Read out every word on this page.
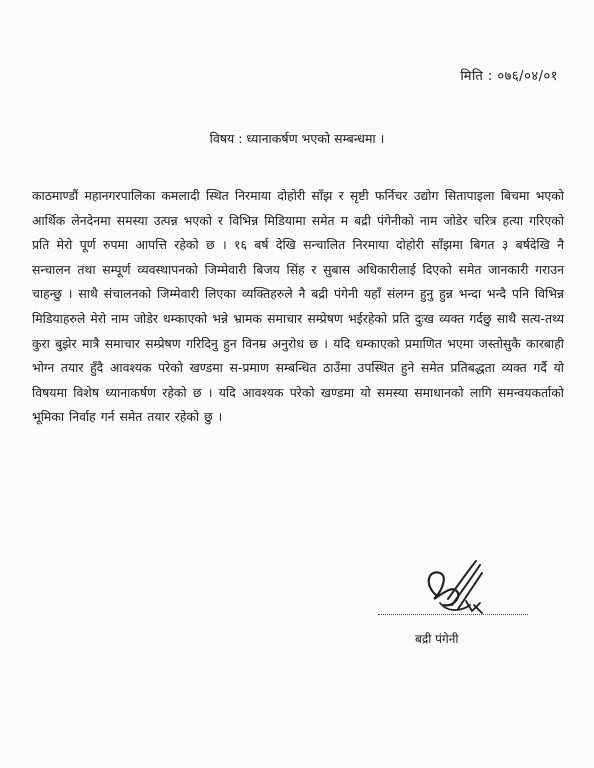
मिति : ०७६/०४/०१
विषय : ध्यानाकर्षण भएको सम्बन्धमा ।
काठमाण्डौं महानगरपालिका कमलादी स्थित निरमाया दोहोरी साँझ र सृष्टी फर्निचर उद्योग सितापाइला बिचमा भएको आर्थिक लेनदेनमा समस्या उत्पन्न भएको र विभिन्न मिडियामा समेत म बद्री पंगेनीको नाम जोडेर चरित्र हत्या गरिएको प्रति मेरो पूर्ण रुपमा आपत्ति रहेको छ । १६ बर्ष देखि सन्चालित निरमाया दोहोरी साँझमा बिगत ३ बर्षदेखि नै सन्चालन तथा सम्पूर्ण व्यवस्थापनको जिम्मेवारी बिजय सिंह र सुबास अधिकारीलाई दिएको समेत जानकारी गराउन चाहन्छु । साथै संचालनको जिम्मेवारी लिएका व्यक्तिहरुले नै बद्री पंगेनी यहाँ संलग्न हुनु हुन्न भन्दा भन्दै पनि विभिन्न मिडियाहरुले मेरो नाम जोडेर धम्काएको भन्ने भ्रामक समाचार सम्प्रेषण भईरहेको प्रति दुःख व्यक्त गर्दछु साथै सत्य-तथ्य कुरा बुझेर मात्रै समाचार सम्प्रेषण गरिदिनु हुन विनम्र अनुरोध छ । यदि धम्काएको प्रमाणित भएमा जस्तोसुकै कारबाही भोग्न तयार हुँदै आवश्यक परेको खण्डमा स-प्रमाण सम्बन्धित ठाउँमा उपस्थित हुने समेत प्रतिबद्धता व्यक्त गर्दै यो विषयमा विशेष ध्यानाकर्षण रहेको छ । यदि आवश्यक परेको खण्डमा यो समस्या समाधानको लागि समन्वयकर्ताको भूमिका निर्वाह गर्न समेत तयार रहेको छु ।
बद्री पंगेनी
